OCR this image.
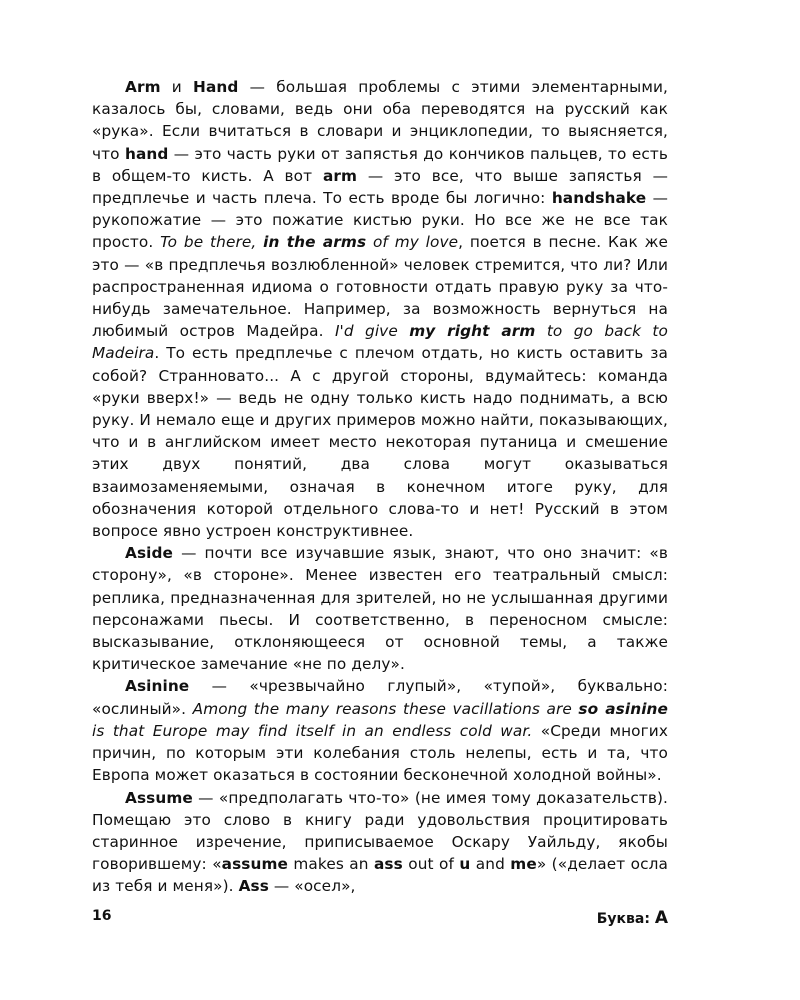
Arm и Hand — большая проблемы с этими элементарными, казалось бы, словами, ведь они оба переводятся на русский как «рука». Если вчитаться в словари и энциклопедии, то выясняется, что hand — это часть руки от запястья до кончиков пальцев, то есть в общем-то кисть. А вот arm — это все, что выше запястья — предплечье и часть плеча. То есть вроде бы логично: handshake — рукопожатие — это пожатие кистью руки. Но все же не все так просто. To be there, in the arms of my love, поется в песне. Как же это — «в предплечья возлюбленной» человек стремится, что ли? Или распространенная идиома о готовности отдать правую руку за что-нибудь замечательное. Например, за возможность вернуться на любимый остров Мадейра. I'd give my right arm to go back to Madeira. То есть предплечье с плечом отдать, но кисть оставить за собой? Странновато... А с другой стороны, вдумайтесь: команда «руки вверх!» — ведь не одну только кисть надо поднимать, а всю руку. И немало еще и других примеров можно найти, показывающих, что и в английском имеет место некоторая путаница и смешение этих двух понятий, два слова могут оказываться взаимозаменяемыми, означая в конечном итоге руку, для обозначения которой отдельного слова-то и нет! Русский в этом вопросе явно устроен конструктивнее.

Aside — почти все изучавшие язык, знают, что оно значит: «в сторону», «в стороне». Менее известен его театральный смысл: реплика, предназначенная для зрителей, но не услышанная другими персонажами пьесы. И соответственно, в переносном смысле: высказывание, отклоняющееся от основной темы, а также критическое замечание «не по делу».

Asinine — «чрезвычайно глупый», «тупой», буквально: «ослиный». Among the many reasons these vacillations are so asinine is that Europe may find itself in an endless cold war. «Среди многих причин, по которым эти колебания столь нелепы, есть и та, что Европа может оказаться в состоянии бесконечной холодной войны».

Assume — «предполагать что-то» (не имея тому доказательств). Помещаю это слово в книгу ради удовольствия процитировать старинное изречение, приписываемое Оскару Уайльду, якобы говорившему: «assume makes an ass out of u and me» («делает осла из тебя и меня»). Ass — «осел»,

16	Буква: A
